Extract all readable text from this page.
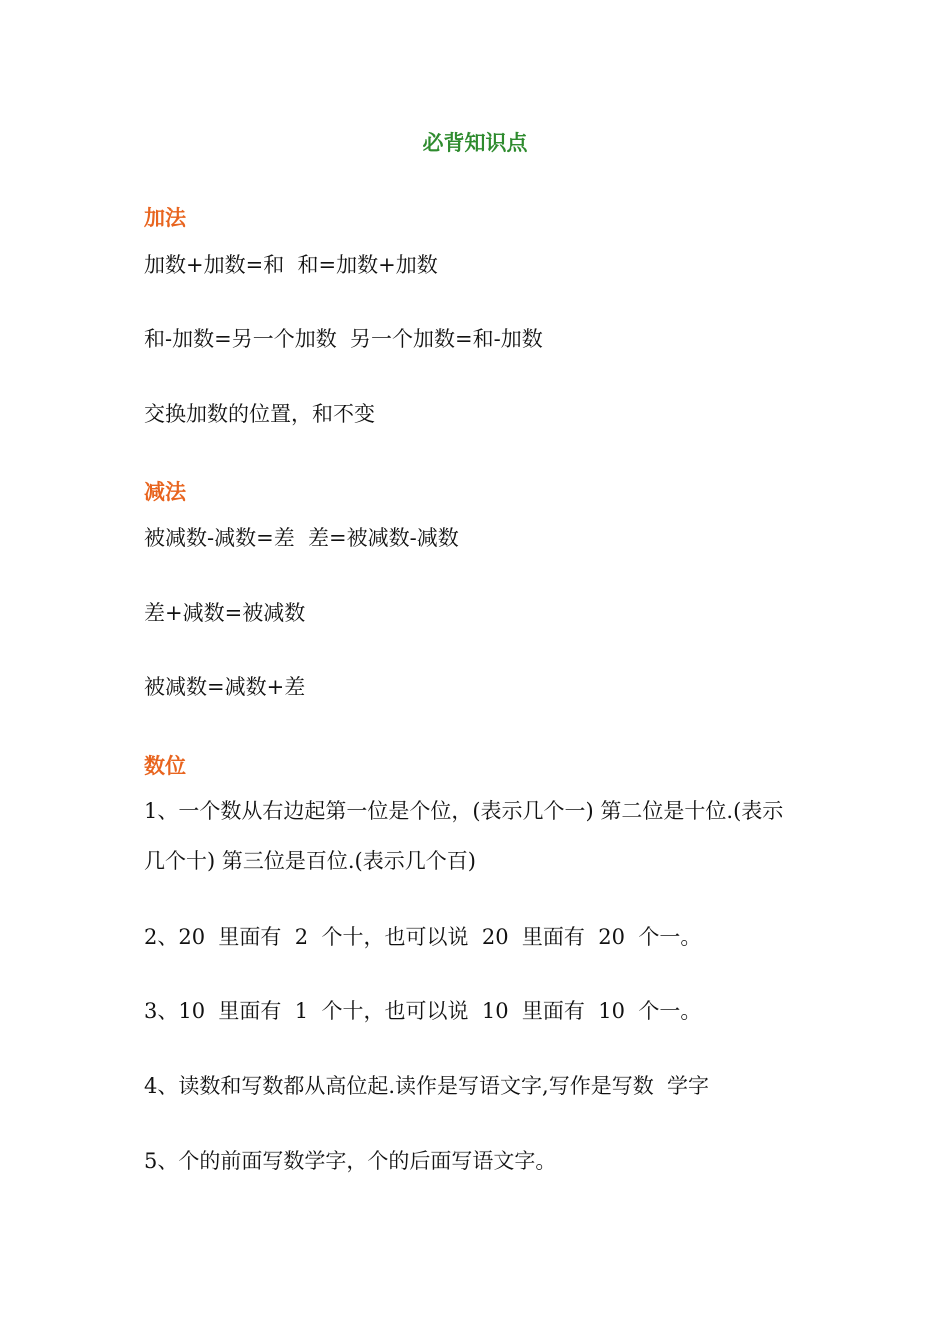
必背知识点
加法
加数+加数=和  和=加数+加数
和-加数=另一个加数  另一个加数=和-加数
交换加数的位置，和不变
减法
被减数-减数=差  差=被减数-减数
差+减数=被减数
被减数=减数+差
数位
1、一个数从右边起第一位是个位，(表示几个一) 第二位是十位.(表示几个十) 第三位是百位.(表示几个百)
2、20  里面有  2  个十，也可以说  20  里面有  20  个一。
3、10  里面有  1  个十，也可以说  10  里面有  10  个一。
4、读数和写数都从高位起.读作是写语文字,写作是写数  学字
5、个的前面写数学字，个的后面写语文字。
